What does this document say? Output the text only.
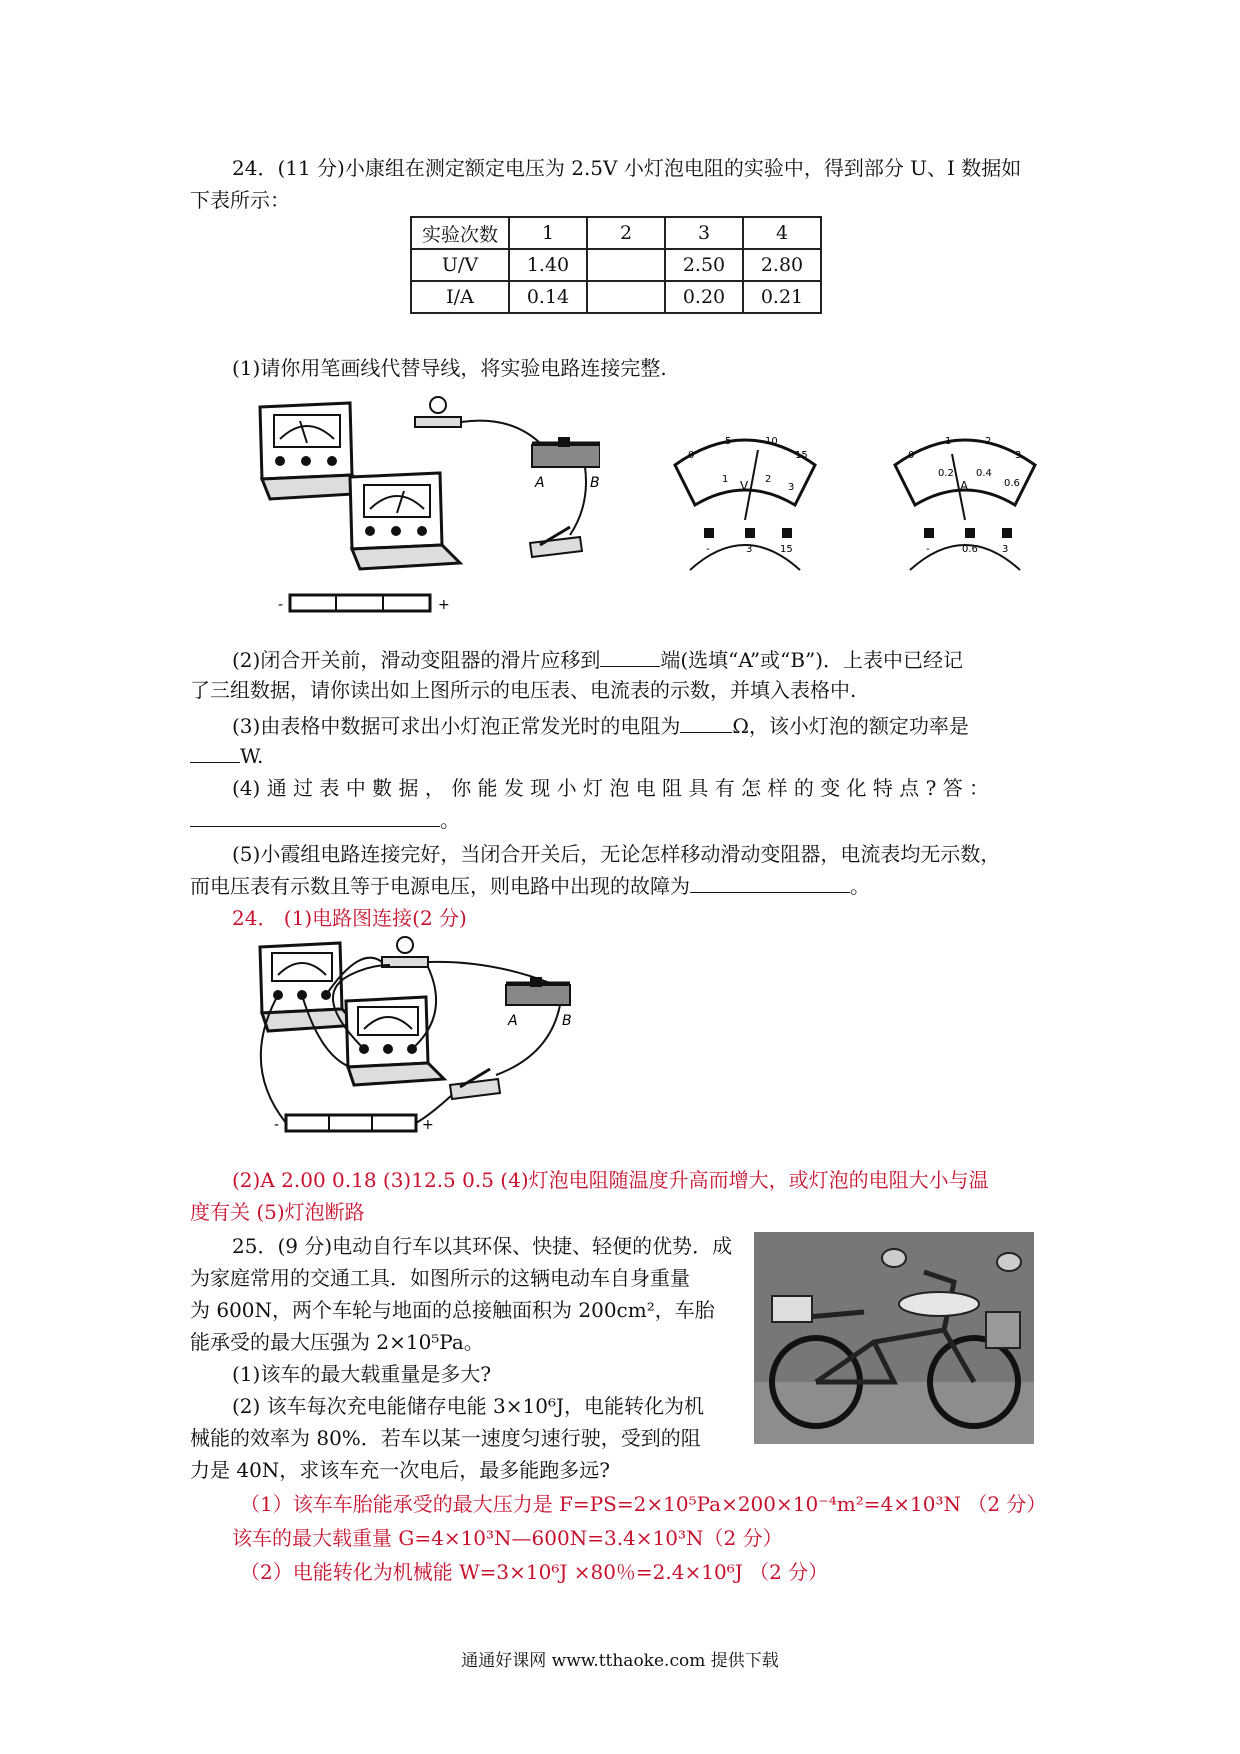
24．(11 分)小康组在测定额定电压为 2.5V 小灯泡电阻的实验中，得到部分 U、I 数据如
下表所示：
实验次数	1	2	3	4
U/V	1.40		2.50	2.80
I/A	0.14		0.20	0.21
(1)请你用笔画线代替导线，将实验电路连接完整.
A	B
-	+
0
5	10
15
1	2
3
V
-	3	15
0
1	2
3
0.2 0.4
0.6
A
-	0.6 3
(2)闭合开关前，滑动变阻器的滑片应移到	端(选填“A”或“B”)．上表中已经记
了三组数据，请你读出如上图所示的电压表、电流表的示数，并填入表格中.
(3)由表格中数据可求出小灯泡正常发光时的电阻为	Ω，该小灯泡的额定功率是
W.
(4) 通 过 表 中 數 据 ， 你 能 发 现 小 灯 泡 电 阻 具 有 怎 样 的 变 化 特 点 ? 答 ：
。
(5)小霞组电路连接完好，当闭合开关后，无论怎样移动滑动变阻器，电流表均无示数，
而电压表有示数且等于电源电压，则电路中出现的故障为	。
24． (1)电路图连接(2 分)
A	B
-	+
(2)A 2.00 0.18 (3)12.5 0.5 (4)灯泡电阻随温度升高而增大，或灯泡的电阻大小与温
度有关 (5)灯泡断路
25．(9 分)电动自行车以其环保、快捷、轻便的优势．成
为家庭常用的交通工具．如图所示的这辆电动车自身重量
为 600N，两个车轮与地面的总接触面积为 200cm²，车胎
能承受的最大压强为 2×10⁵Pa。
(1)该车的最大载重量是多大?
(2) 该车每次充电能储存电能 3×10⁶J，电能转化为机
械能的效率为 80%．若车以某一速度匀速行驶，受到的阻
力是 40N，求该车充一次电后，最多能跑多远?
（1）该车车胎能承受的最大压力是 F=PS=2×10⁵Pa×200×10⁻⁴m²=4×10³N （2 分）
该车的最大载重量 G=4×10³N—600N=3.4×10³N（2 分）
（2）电能转化为机械能 W=3×10⁶J ×80％=2.4×10⁶J （2 分）
通通好课网 www.tthaoke.com 提供下载
